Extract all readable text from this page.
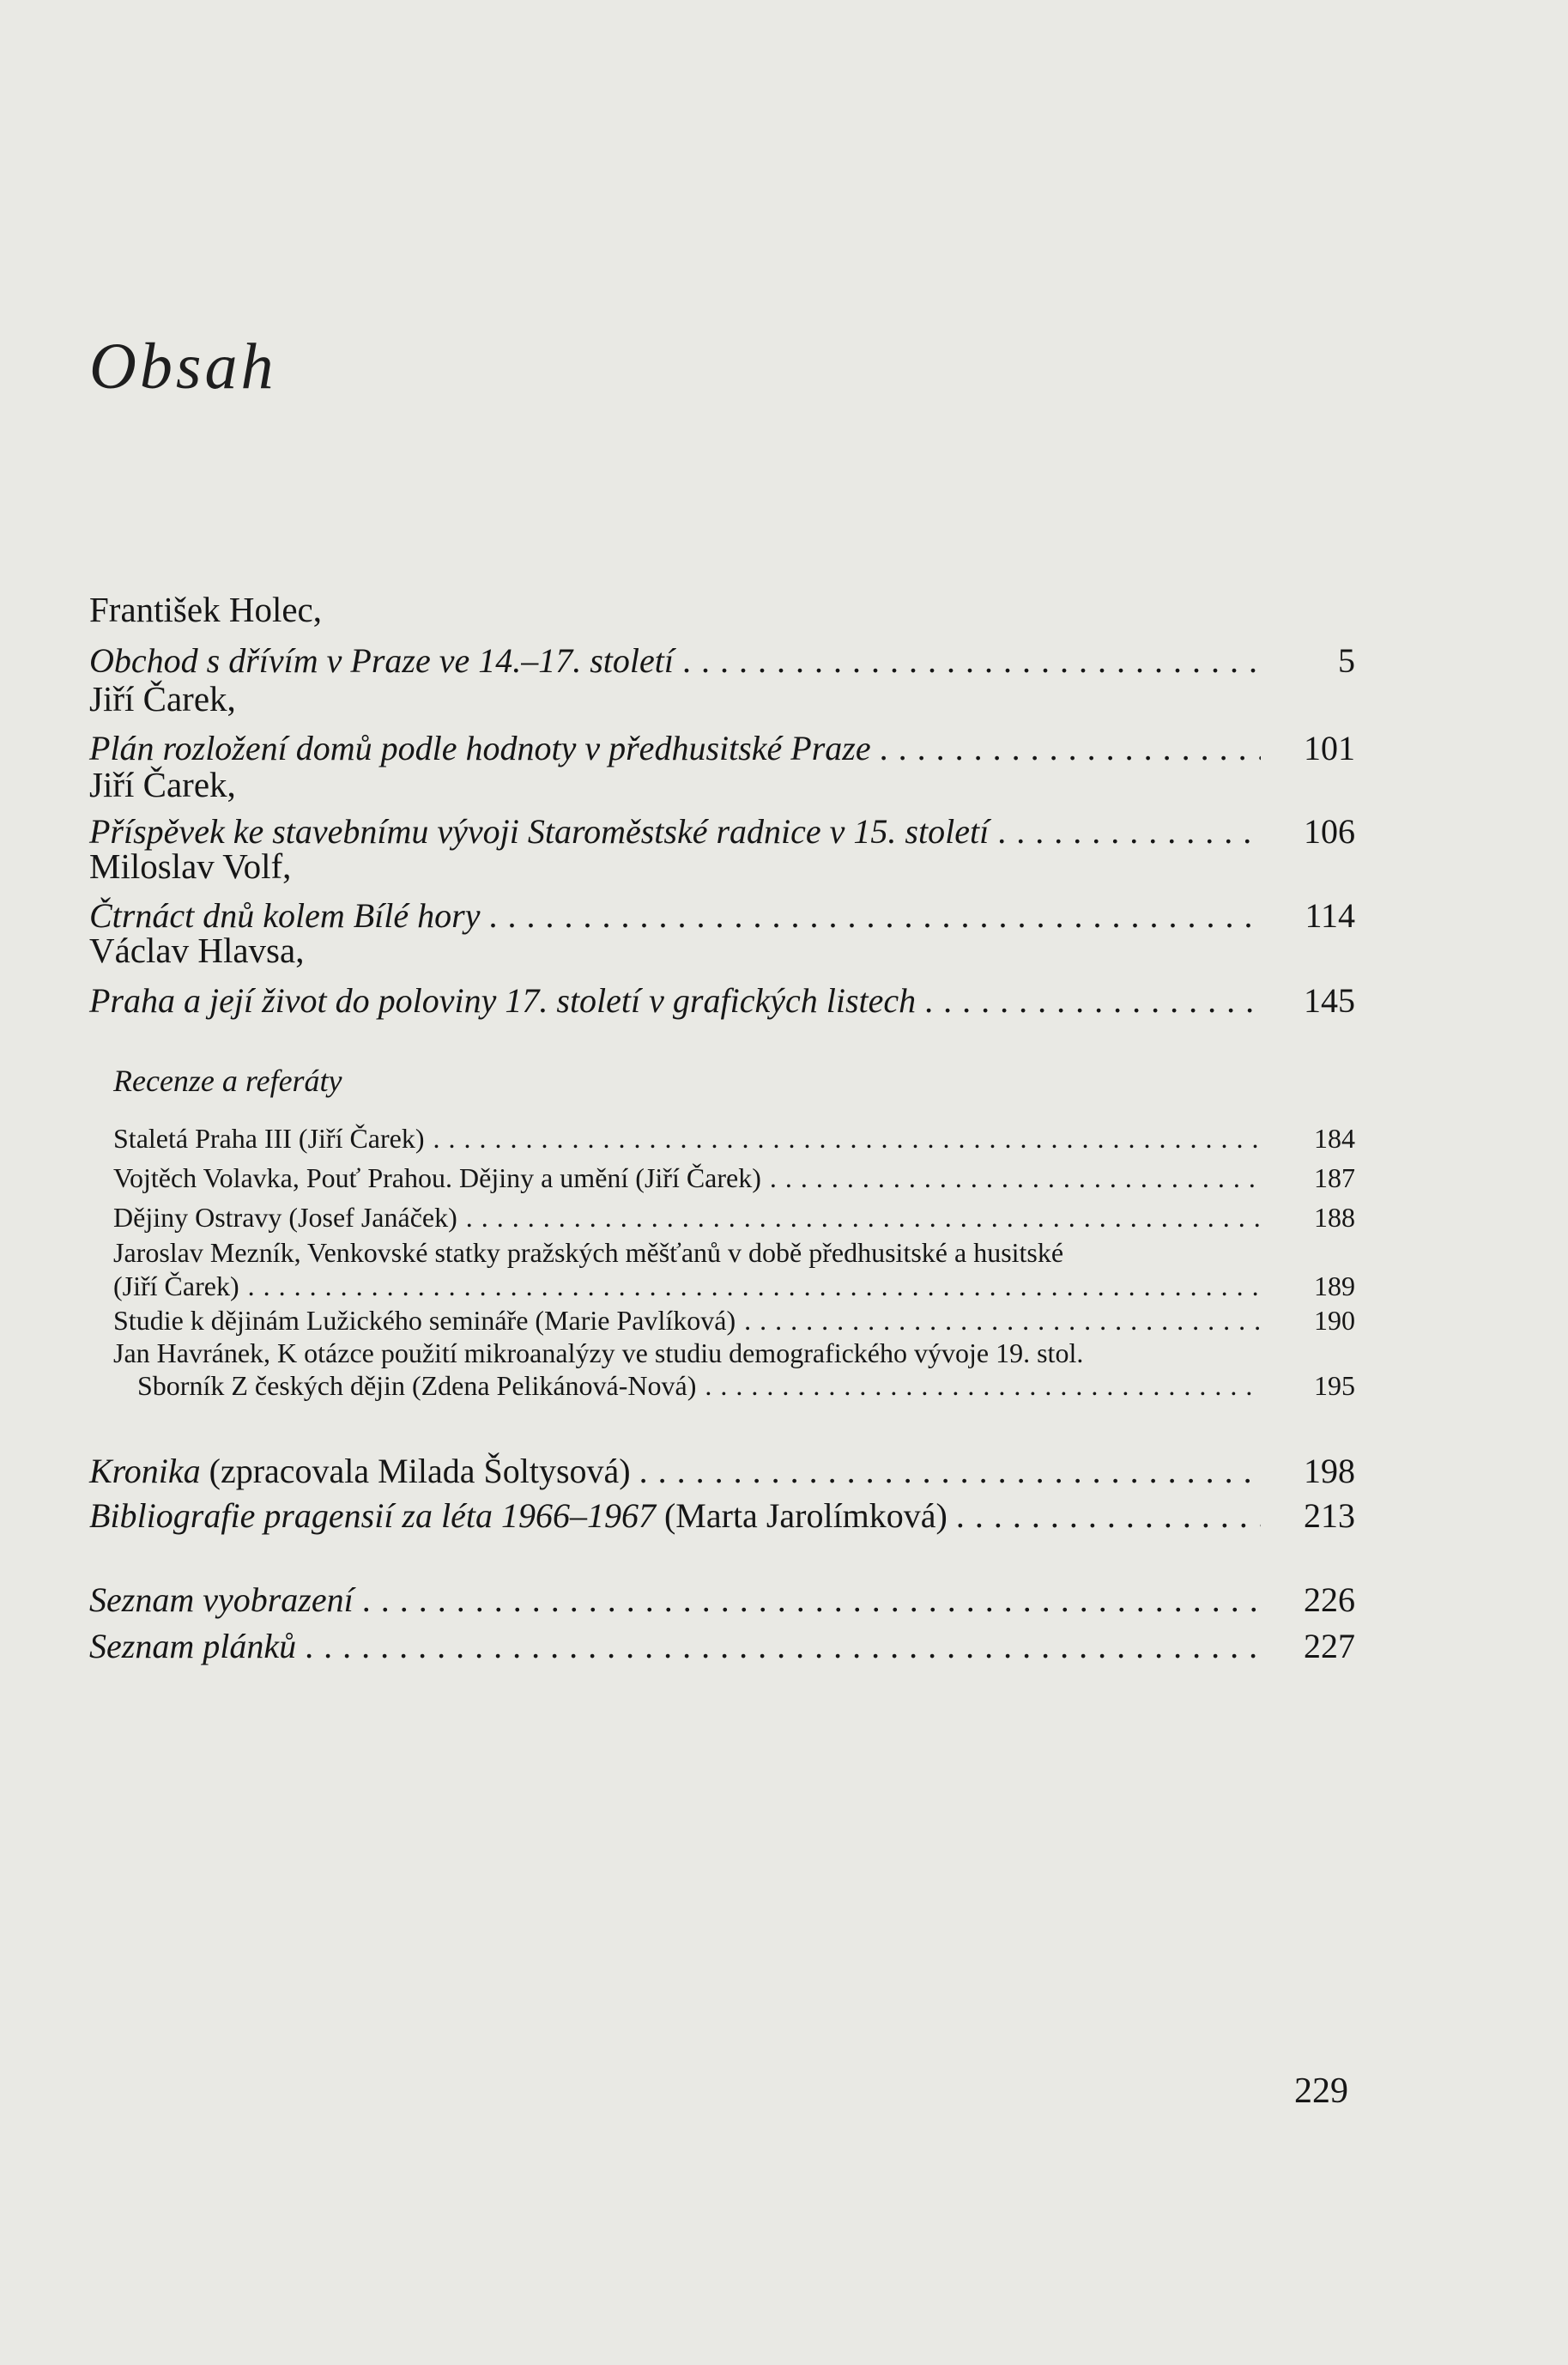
Obsah
František Holec,
Obchod s dřívím v Praze ve 14.–17. století . . .	5
Jiří Čarek,
Plán rozložení domů podle hodnoty v předhusitské Praze . . .	101
Jiří Čarek,
Příspěvek ke stavebnímu vývoji Staroměstské radnice v 15. století . . .	106
Miloslav Volf,
Čtrnáct dnů kolem Bílé hory . . .	114
Václav Hlavsa,
Praha a její život do poloviny 17. století v grafických listech . . .	145
Recenze a referáty
Staletá Praha III (Jiří Čarek) . . .	184
Vojtěch Volavka, Pouť Prahou. Dějiny a umění (Jiří Čarek) . . .	187
Dějiny Ostravy (Josef Janáček) . . .	188
Jaroslav Mezník, Venkovské statky pražských měšťanů v době předhusitské a husitské
(Jiří Čarek) . . .	189
Studie k dějinám Lužického semináře (Marie Pavlíková) . . .	190
Jan Havránek, K otázce použití mikroanalýzy ve studiu demografického vývoje 19. stol.
Sborník Z českých dějin (Zdena Pelikánová-Nová) . . .	195
Kronika (zpracovala Milada Šoltysová) . . .	198
Bibliografie pragensií za léta 1966–1967 (Marta Jarolímková) . . .	213
Seznam vyobrazení . . .	226
Seznam plánků . . .	227
229
